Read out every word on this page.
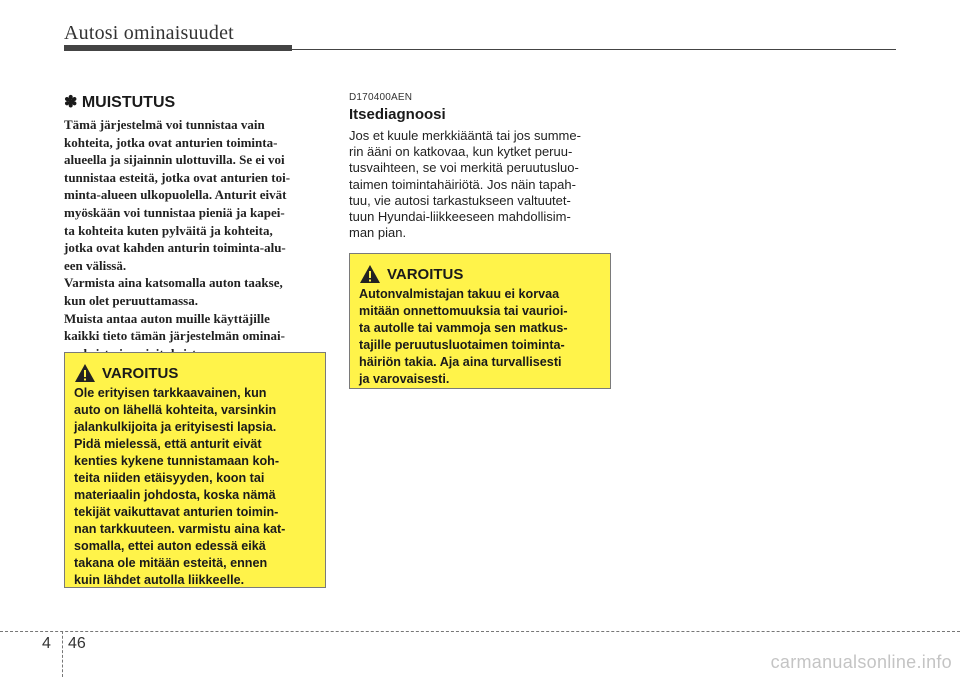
Autosi ominaisuudet
✽ MUISTUTUS

Tämä järjestelmä voi tunnistaa vain

kohteita, jotka ovat anturien toiminta-

alueella ja sijainnin ulottuvilla. Se ei voi

tunnistaa esteitä, jotka ovat anturien toi-

minta-alueen ulkopuolella. Anturit eivät

myöskään voi tunnistaa pieniä ja kapei-

ta kohteita kuten pylväitä ja kohteita,

jotka ovat kahden anturin toiminta-alu-

een välissä.

Varmista aina katsomalla auton taakse,

kun olet peruuttamassa.

Muista antaa auton muille käyttäjille

kaikki tieto tämän järjestelmän ominai-

VAROITUS

Ole erityisen tarkkaavainen, kun

auto on lähellä kohteita, varsinkin

jalankulkijoita ja erityisesti lapsia.

Pidä mielessä, että anturit eivät

kenties kykene tunnistamaan koh-

teita niiden etäisyyden, koon tai

materiaalin johdosta, koska nämä

tekijät vaikuttavat anturien toimin-

nan tarkkuuteen. varmistu aina kat-

somalla, ettei auton edessä eikä

takana ole mitään esteitä, ennen

kuin lähdet autolla liikkeelle.

D170400AEN
Itsediagnoosi

Jos et kuule merkkiääntä tai jos summe-

rin ääni on katkovaa, kun kytket peruu-

tusvaihteen, se voi merkitä peruutusluo-

taimen toimintahäiriötä. Jos näin tapah-

tuu, vie autosi tarkastukseen valtuutet-

tuun Hyundai-liikkeeseen mahdollisim-

man pian.

VAROITUS

Autonvalmistajan takuu ei korvaa

mitään onnettomuuksia tai vaurioi-

ta autolle tai vammoja sen matkus-

tajille peruutusluotaimen toiminta-

häiriön takia. Aja aina turvallisesti

ja varovaisesti.

4 46
carmanualsonline.info
